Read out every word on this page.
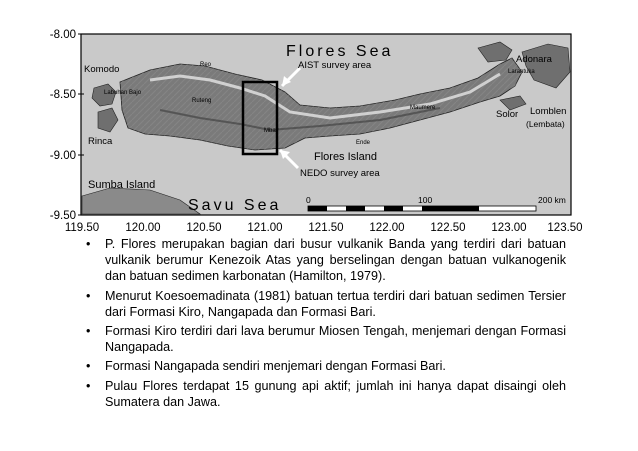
-8.00
-8.50
-9.00
-9.50
119.50 120.00 120.50 121.00 121.50 122.00 122.50 123.00 123.50
Flores Sea
Savu Sea
AIST survey area
NEDO survey area
Komodo
Labuhan Bajo
Rinca
Reo
Ruteng
Mbay
Ende
Maumere
Larantuka
Adonara
Solor Lomblen
(Lembata)
Sumba Island
Flores Island
0	100	200 km
• P. Flores merupakan bagian dari busur vulkanik Banda yang terdiri dari batuan vulkanik berumur Kenezoik Atas yang berselingan dengan batuan vulkanogenik dan batuan sedimen karbonatan (Hamilton, 1979).
• Menurut Koesoemadinata (1981) batuan tertua terdiri dari batuan sedimen Tersier dari Formasi Kiro, Nangapada dan Formasi Bari.
• Formasi Kiro terdiri dari lava berumur Miosen Tengah, menjemari dengan Formasi Nangapada.
• Formasi Nangapada sendiri menjemari dengan Formasi Bari.
• Pulau Flores terdapat 15 gunung api aktif; jumlah ini hanya dapat disaingi oleh Sumatera dan Jawa.
